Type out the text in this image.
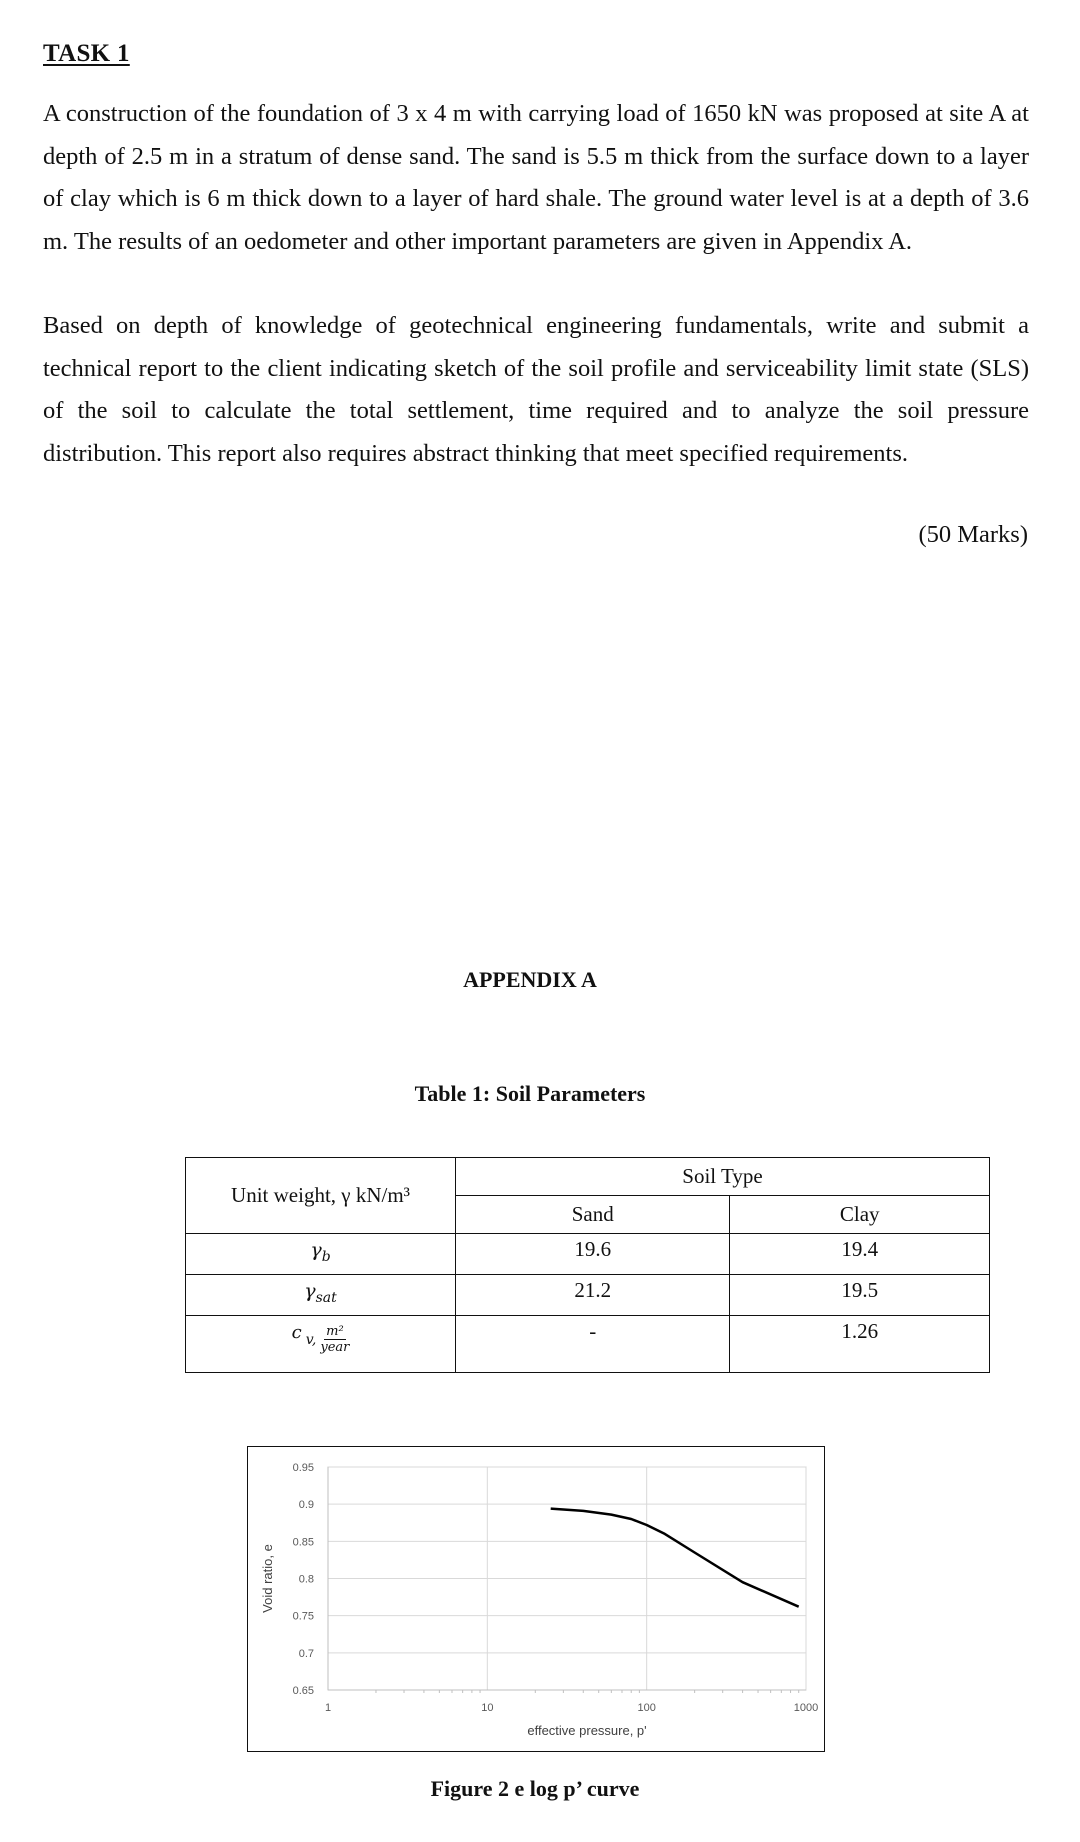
TASK 1
A construction of the foundation of 3 x 4 m with carrying load of 1650 kN was proposed at site A at depth of 2.5 m in a stratum of dense sand. The sand is 5.5 m thick from the surface down to a layer of clay which is 6 m thick down to a layer of hard shale. The ground water level is at a depth of 3.6 m. The results of an oedometer and other important parameters are given in Appendix A.
Based on depth of knowledge of geotechnical engineering fundamentals, write and submit a technical report to the client indicating sketch of the soil profile and serviceability limit state (SLS) of the soil to calculate the total settlement, time required and to analyze the soil pressure distribution. This report also requires abstract thinking that meet specified requirements.
(50 Marks)
APPENDIX A
Table 1: Soil Parameters
Unit weight, γ kN/m³	Soil Type	
	Sand	Clay
$\gamma_b$	19.6	19.4
$\gamma_{sat}$	21.2	19.5

c v, $\frac{\text{m²}}{\text{year}}$	-	1.26
0.95
0.9
0.85
0.8
0.75
0.7
0.65
1	10	100	1000
effective pressure, p'
Void ratio, e
Figure 2 e log p’ curve
